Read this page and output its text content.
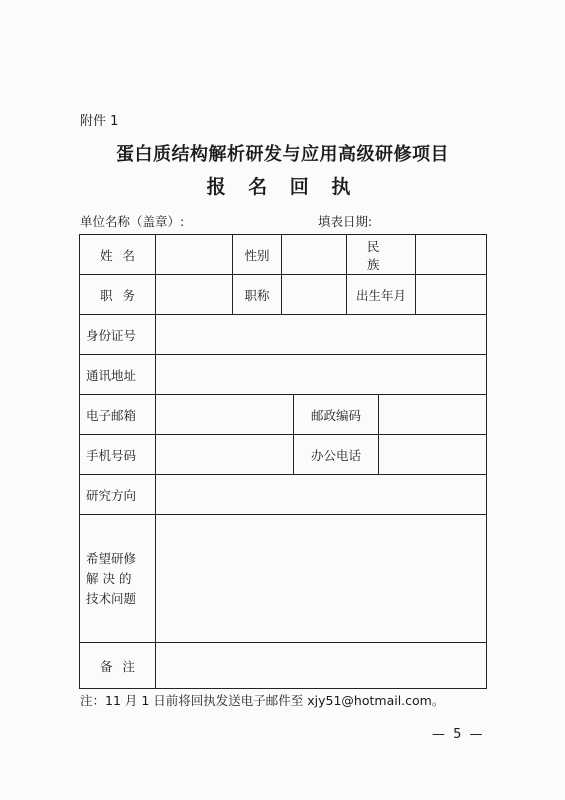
附件 1
蛋白质结构解析研发与应用高级研修项目
报 名 回 执
单位名称（盖章）:	填表日期:
姓 名		性别			民 族		

职 务		职称			出生年月		
身份证号							
通讯地址							
电子邮箱				邮政编码			
手机号码				办公电话			
研究方向							

希望研修
解 决 的
技术问题							

备 注							

注：11 月 1 日前将回执发送电子邮件至 xjy51@hotmail.com。
— 5 —
